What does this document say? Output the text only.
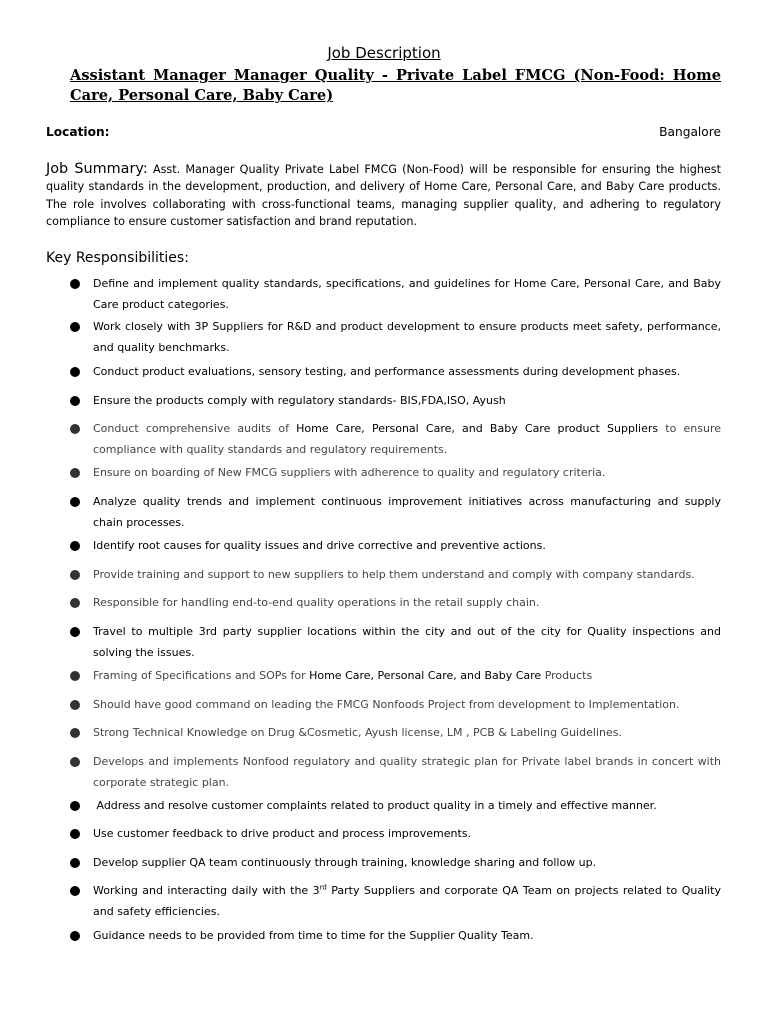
Job Description
Assistant Manager Manager Quality - Private Label FMCG (Non-Food: Home Care, Personal Care, Baby Care)
Location:	Bangalore
Job Summary: Asst. Manager Quality Private Label FMCG (Non-Food) will be responsible for ensuring the highest quality standards in the development, production, and delivery of Home Care, Personal Care, and Baby Care products. The role involves collaborating with cross-functional teams, managing supplier quality, and adhering to regulatory compliance to ensure customer satisfaction and brand reputation.
Key Responsibilities:
Define and implement quality standards, specifications, and guidelines for Home Care, Personal Care, and Baby Care product categories.
Work closely with 3P Suppliers for R&D and product development to ensure products meet safety, performance, and quality benchmarks.
Conduct product evaluations, sensory testing, and performance assessments during development phases.
Ensure the products comply with regulatory standards- BIS,FDA,ISO, Ayush
Conduct comprehensive audits of Home Care, Personal Care, and Baby Care product Suppliers to ensure compliance with quality standards and regulatory requirements.
Ensure on boarding of New FMCG suppliers with adherence to quality and regulatory criteria.
Analyze quality trends and implement continuous improvement initiatives across manufacturing and supply chain processes.
Identify root causes for quality issues and drive corrective and preventive actions.
Provide training and support to new suppliers to help them understand and comply with company standards.
Responsible for handling end-to-end quality operations in the retail supply chain.
Travel to multiple 3rd party supplier locations within the city and out of the city for Quality inspections and solving the issues.
Framing of Specifications and SOPs for Home Care, Personal Care, and Baby Care Products
Should have good command on leading the FMCG Nonfoods Project from development to Implementation.
Strong Technical Knowledge on Drug &Cosmetic, Ayush license, LM , PCB & Labeling Guidelines.
Develops and implements Nonfood regulatory and quality strategic plan for Private label brands in concert with corporate strategic plan.
Address and resolve customer complaints related to product quality in a timely and effective manner.
Use customer feedback to drive product and process improvements.
Develop supplier QA team continuously through training, knowledge sharing and follow up.
Working and interacting daily with the 3rd Party Suppliers and corporate QA Team on projects related to Quality and safety efficiencies.
Guidance needs to be provided from time to time for the Supplier Quality Team.
